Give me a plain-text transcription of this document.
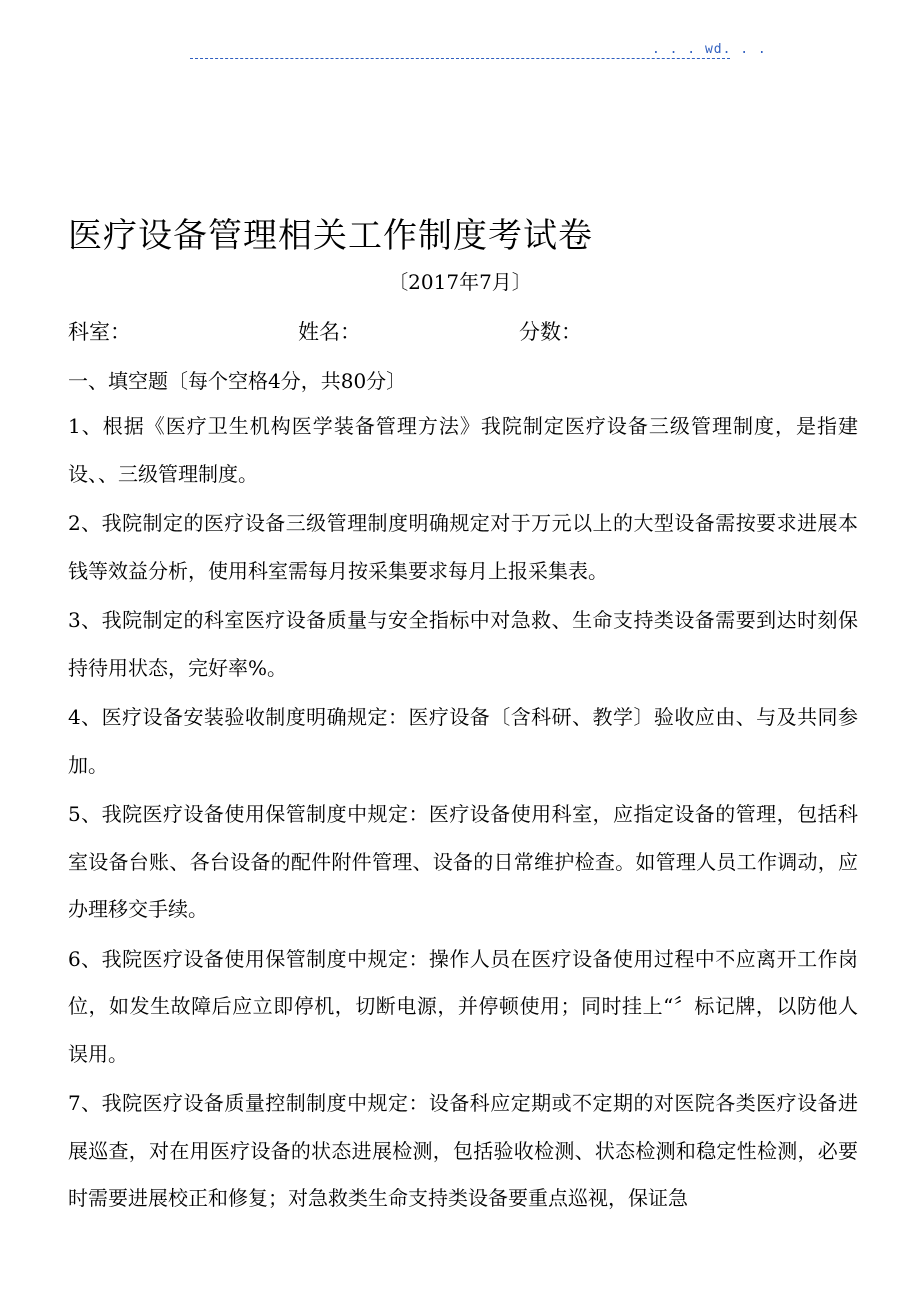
. . . wd. . .
医疗设备管理相关工作制度考试卷
〔2017年7月〕
科室：	姓名：	分数：
一、填空题〔每个空格4分，共80分〕

1、根据《医疗卫生机构医学装备管理方法》我院制定医疗设备三级管理制度，是指建设、、三级管理制度。

2、我院制定的医疗设备三级管理制度明确规定对于万元以上的大型设备需按要求进展本钱等效益分析，使用科室需每月按采集要求每月上报采集表。

3、我院制定的科室医疗设备质量与安全指标中对急救、生命支持类设备需要到达时刻保持待用状态，完好率%。

4、医疗设备安装验收制度明确规定：医疗设备〔含科研、教学〕验收应由、与及共同参加。

5、我院医疗设备使用保管制度中规定：医疗设备使用科室，应指定设备的管理，包括科室设备台账、各台设备的配件附件管理、设备的日常维护检查。如管理人员工作调动，应办理移交手续。

6、我院医疗设备使用保管制度中规定：操作人员在医疗设备使用过程中不应离开工作岗位，如发生故障后应立即停机，切断电源，并停顿使用；同时挂上“〞标记牌，以防他人误用。

7、我院医疗设备质量控制制度中规定：设备科应定期或不定期的对医院各类医疗设备进展巡查，对在用医疗设备的状态进展检测，包括验收检测、状态检测和稳定性检测，必要时需要进展校正和修复；对急救类生命支持类设备要重点巡视，保证急
